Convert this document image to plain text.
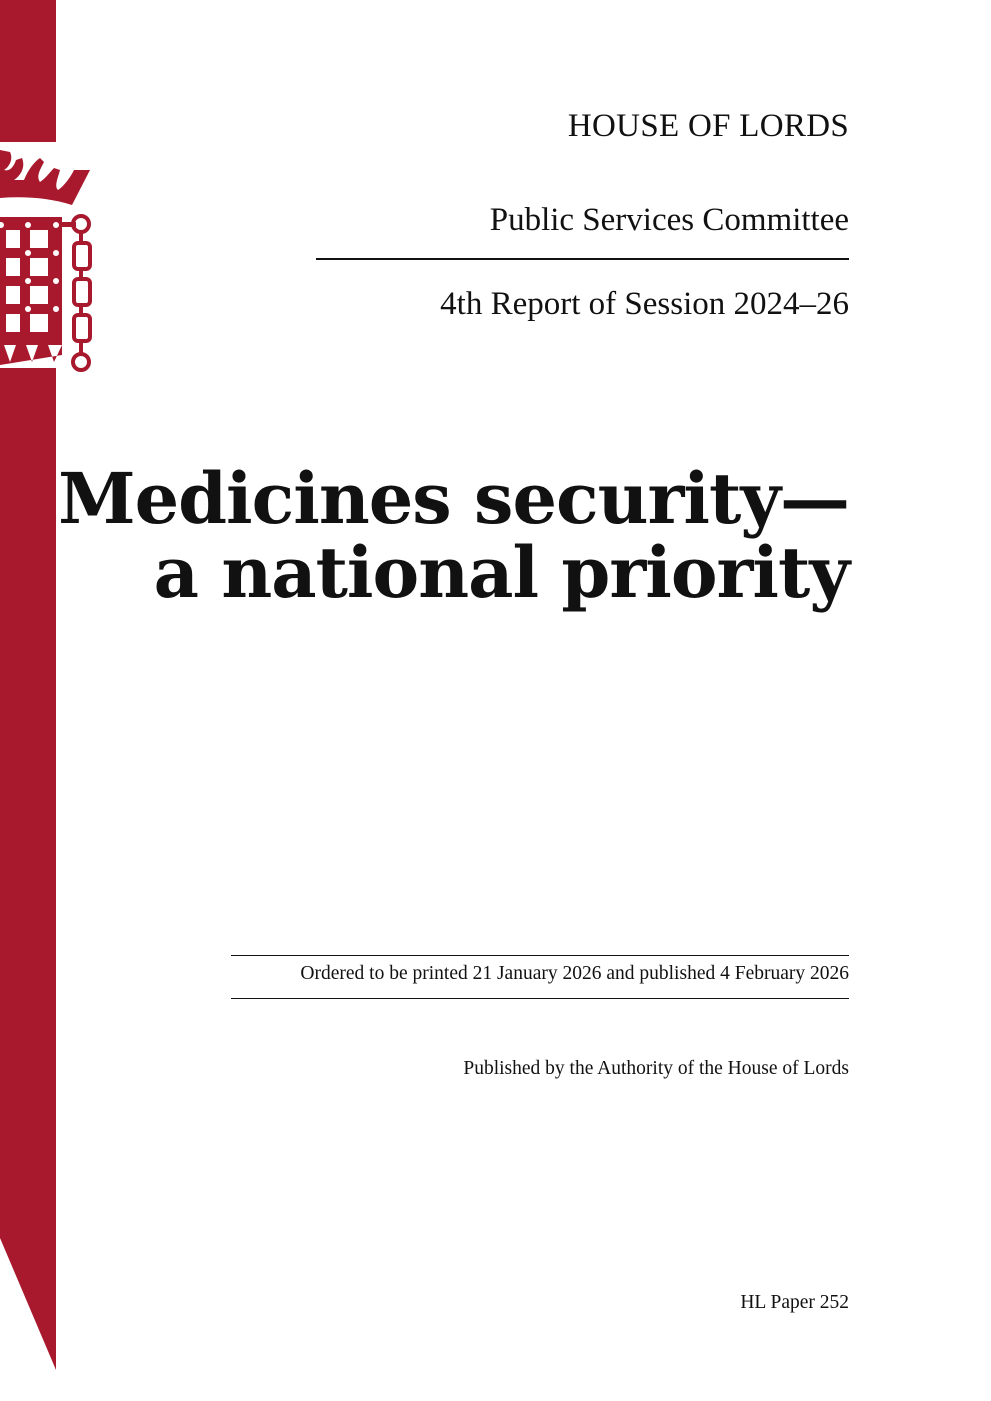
HOUSE OF LORDS
Public Services Committee
4th Report of Session 2024–26
Medicines security—
a national priority
Ordered to be printed 21 January 2026 and published 4 February 2026
Published by the Authority of the House of Lords
HL Paper 252
